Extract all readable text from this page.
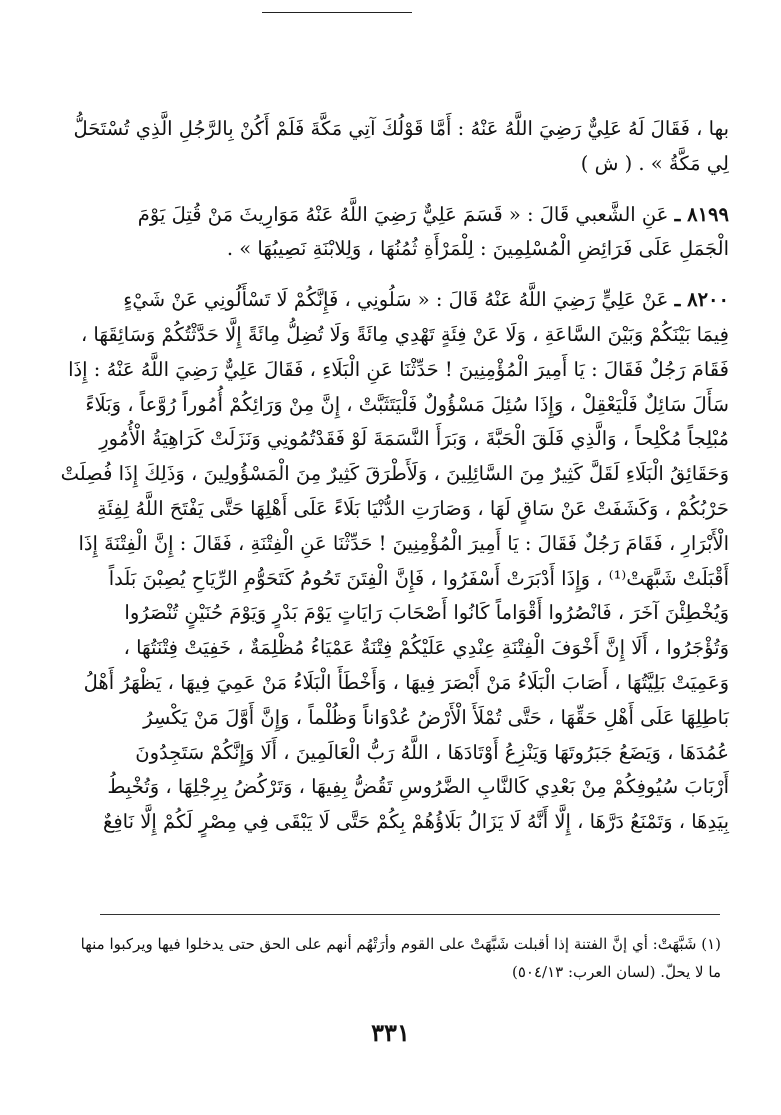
بها ، فَقَالَ لَهُ عَلِيٌّ رَضِيَ اللَّهُ عَنْهُ : أَمَّا قَوْلُكَ آتِي مَكَّةَ فَلَمْ أَكُنْ بِالرَّجُلِ الَّذِي تُسْتَحَلُّ
لِي مَكَّةُ » . ( ش )
٨١٩٩ ـ عَنِ الشَّعبي قَالَ : « قَسَمَ عَلِيٌّ رَضِيَ اللَّهُ عَنْهُ مَوَارِيثَ مَنْ قُتِلَ يَوْمَ
الْجَمَلِ عَلَى فَرَائِضِ الْمُسْلِمِينَ : لِلْمَرْأَةِ ثُمُنُهَا ، وَلِلابْنَةِ نَصِيبُهَا » .
٨٢٠٠ ـ عَنْ عَلِيٍّ رَضِيَ اللَّهُ عَنْهُ قَالَ : « سَلُونِي ، فَإِنَّكُمْ لَا تَسْأَلُونِي عَنْ شَيْءٍ
فِيمَا بَيْنَكُمْ وَبَيْنَ السَّاعَةِ ، وَلَا عَنْ فِئَةٍ تَهْدِي مِائَةً وَلَا تُضِلُّ مِائَةً إِلَّا حَدَّثْتُكُمْ وَسَائِقَهَا ،
فَقَامَ رَجُلٌ فَقَالَ : يَا أَمِيرَ الْمُؤْمِنِينَ ! حَدِّثْنَا عَنِ الْبَلَاءِ ، فَقَالَ عَلِيٌّ رَضِيَ اللَّهُ عَنْهُ : إِذَا
سَأَلَ سَائِلٌ فَلْيَعْقِلْ ، وَإِذَا سُئِلَ مَسْؤُولٌ فَلْيَتَثَبَّتْ ، إِنَّ مِنْ وَرَائِكُمْ أُمُوراً رُوَّعاً ، وَبَلَاءً
مُبْلِجاً مُكْلِحاً ، وَالَّذِي فَلَقَ الْحَبَّةَ ، وَبَرَأَ النَّسَمَةَ لَوْ فَقَدْتُمُونِي وَنَزَلَتْ كَرَاهِيَةُ الْأُمُورِ
وَحَقَائِقُ الْبَلَاءِ لَقَلَّ كَثِيرٌ مِنَ السَّائِلِينَ ، وَلَأَطْرَقَ كَثِيرٌ مِنَ الْمَسْؤُولِينَ ، وَذَلِكَ إِذَا فُصِلَتْ
حَرْبُكُمْ ، وَكَشَفَتْ عَنْ سَاقٍ لَهَا ، وَصَارَتِ الدُّنْيَا بَلَاءً عَلَى أَهْلِهَا حَتَّى يَفْتَحَ اللَّهُ لِفِئَةِ
الْأَبْرَارِ ، فَقَامَ رَجُلٌ فَقَالَ : يَا أَمِيرَ الْمُؤْمِنِينَ ! حَدِّثْنَا عَنِ الْفِتْنَةِ ، فَقَالَ : إِنَّ الْفِتْنَةَ إِذَا
أَقْبَلَتْ شَبَّهَتْ⁽¹⁾ ، وَإِذَا أَدْبَرَتْ أَسْفَرُوا ، فَإِنَّ الْفِتَنَ تَحُومُ كَتَحَوُّمِ الرِّيَاحِ يُصِبْنَ بَلَداً
وَيُخْطِئْنَ آخَرَ ، فَانْصُرُوا أَقْوَاماً كَانُوا أَصْحَابَ رَايَاتٍ يَوْمَ بَدْرٍ وَيَوْمَ حُنَيْنٍ تُنْصَرُوا
وَتُؤْجَرُوا ، أَلَا إِنَّ أَخْوَفَ الْفِتْنَةِ عِنْدِي عَلَيْكُمْ فِتْنَةٌ عَمْيَاءُ مُظْلِمَةٌ ، خَفِيَتْ فِتْنَتُهَا ،
وَعَمِيَتْ بَلِيَّتُهَا ، أَصَابَ الْبَلَاءُ مَنْ أَبْصَرَ فِيهَا ، وَأَخْطَأَ الْبَلَاءُ مَنْ عَمِيَ فِيهَا ، يَظْهَرُ أَهْلُ
بَاطِلِهَا عَلَى أَهْلِ حَقِّهَا ، حَتَّى تُمْلَأَ الْأَرْضُ عُدْوَاناً وَظُلْماً ، وَإِنَّ أَوَّلَ مَنْ يَكْسِرُ
عُمُدَهَا ، وَيَضَعُ جَبَرُوتَهَا وَيَنْزِعُ أَوْتَادَهَا ، اللَّهُ رَبُّ الْعَالَمِينَ ، أَلَا وَإِنَّكُمْ سَتَجِدُونَ
أَرْبَابَ سُيُوفِكُمْ مِنْ بَعْدِي كَالنَّابِ الضَّرُوسِ تَقُضُّ بِفِيهَا ، وَتَرْكُضُ بِرِجْلِهَا ، وَتُخْبِطُ
بِيَدِهَا ، وَتَمْنَعُ دَرَّهَا ، إِلَّا أَنَّهُ لَا يَزَالُ بَلَاؤُهُمْ بِكُمْ حَتَّى لَا يَبْقَى فِي مِصْرٍ لَكُمْ إِلَّا نَافِعٌ
(١) شَبَّهَتْ: أي إنَّ الفتنة إذا أقبلت شَبَّهَتْ على القوم وأرَتْهُم أنهم على الحق حتى يدخلوا فيها ويركبوا منها
ما لا يحلّ. (لسان العرب: ٥٠٤/١٣)
٣٣١
